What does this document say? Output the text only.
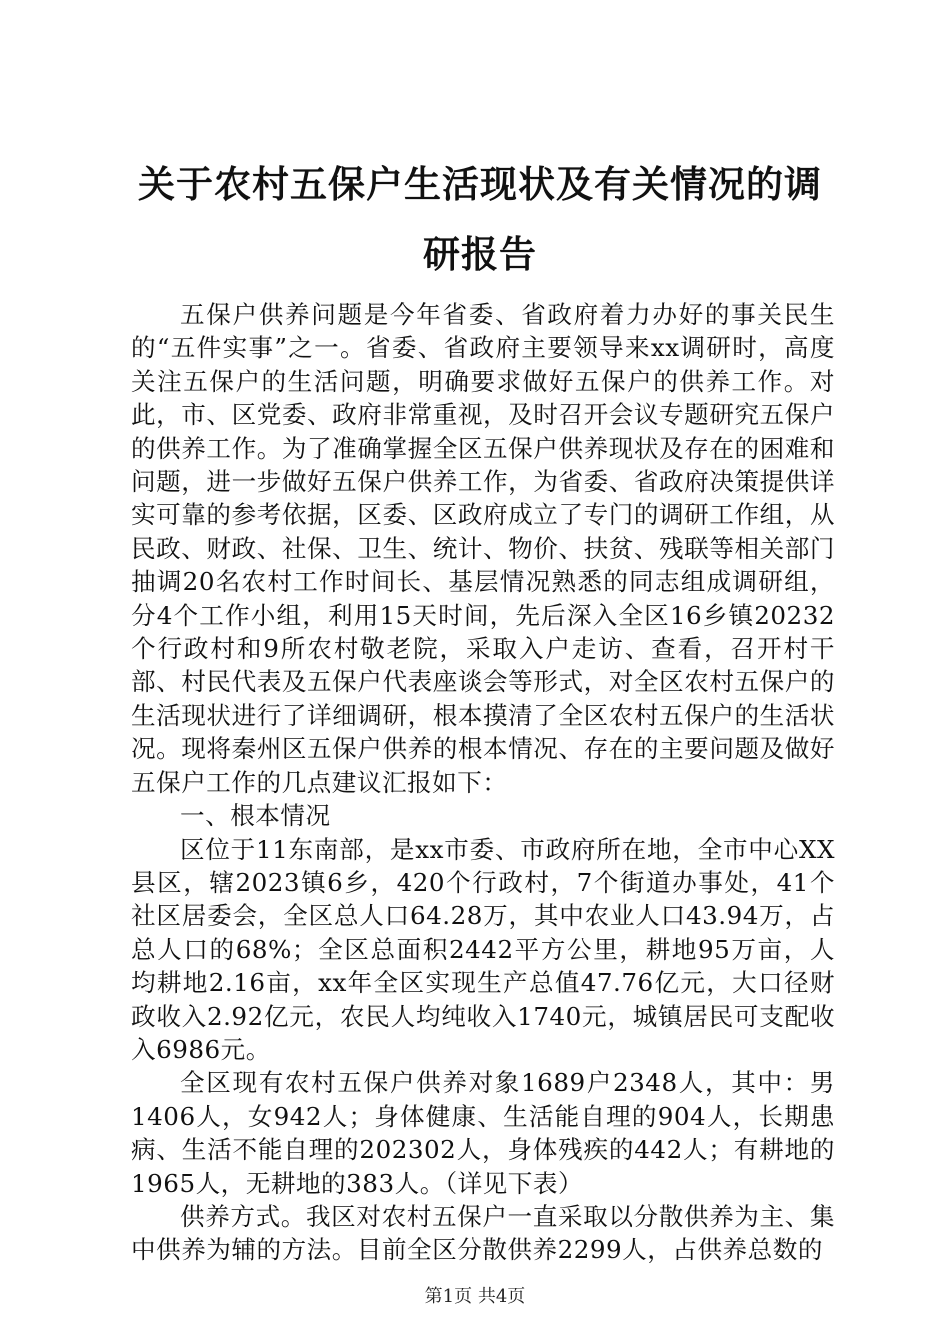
关于农村五保户生活现状及有关情况的调研报告

五保户供养问题是今年省委、省政府着力办好的事关民生的“五件实事”之一。省委、省政府主要领导来xx调研时，高度关注五保户的生活问题，明确要求做好五保户的供养工作。对此，市、区党委、政府非常重视，及时召开会议专题研究五保户的供养工作。为了准确掌握全区五保户供养现状及存在的困难和问题，进一步做好五保户供养工作，为省委、省政府决策提供详实可靠的参考依据，区委、区政府成立了专门的调研工作组，从民政、财政、社保、卫生、统计、物价、扶贫、残联等相关部门抽调20名农村工作时间长、基层情况熟悉的同志组成调研组，分4个工作小组，利用15天时间，先后深入全区16乡镇20232个行政村和9所农村敬老院，采取入户走访、查看，召开村干部、村民代表及五保户代表座谈会等形式，对全区农村五保户的生活现状进行了详细调研，根本摸清了全区农村五保户的生活状况。现将秦州区五保户供养的根本情况、存在的主要问题及做好五保户工作的几点建议汇报如下：

一、根本情况

区位于11东南部，是xx市委、市政府所在地，全市中心XX县区，辖2023镇6乡，420个行政村，7个街道办事处，41个社区居委会，全区总人口64.28万，其中农业人口43.94万，占总人口的68%；全区总面积2442平方公里，耕地95万亩，人均耕地2.16亩，xx年全区实现生产总值47.76亿元，大口径财政收入2.92亿元，农民人均纯收入1740元，城镇居民可支配收入6986元。

全区现有农村五保户供养对象1689户2348人，其中：男1406人，女942人；身体健康、生活能自理的904人，长期患病、生活不能自理的202302人，身体残疾的442人；有耕地的1965人，无耕地的383人。（详见下表）

供养方式。我区对农村五保户一直采取以分散供养为主、集中供养为辅的方法。目前全区分散供养2299人，占供养总数的

第1页 共4页
